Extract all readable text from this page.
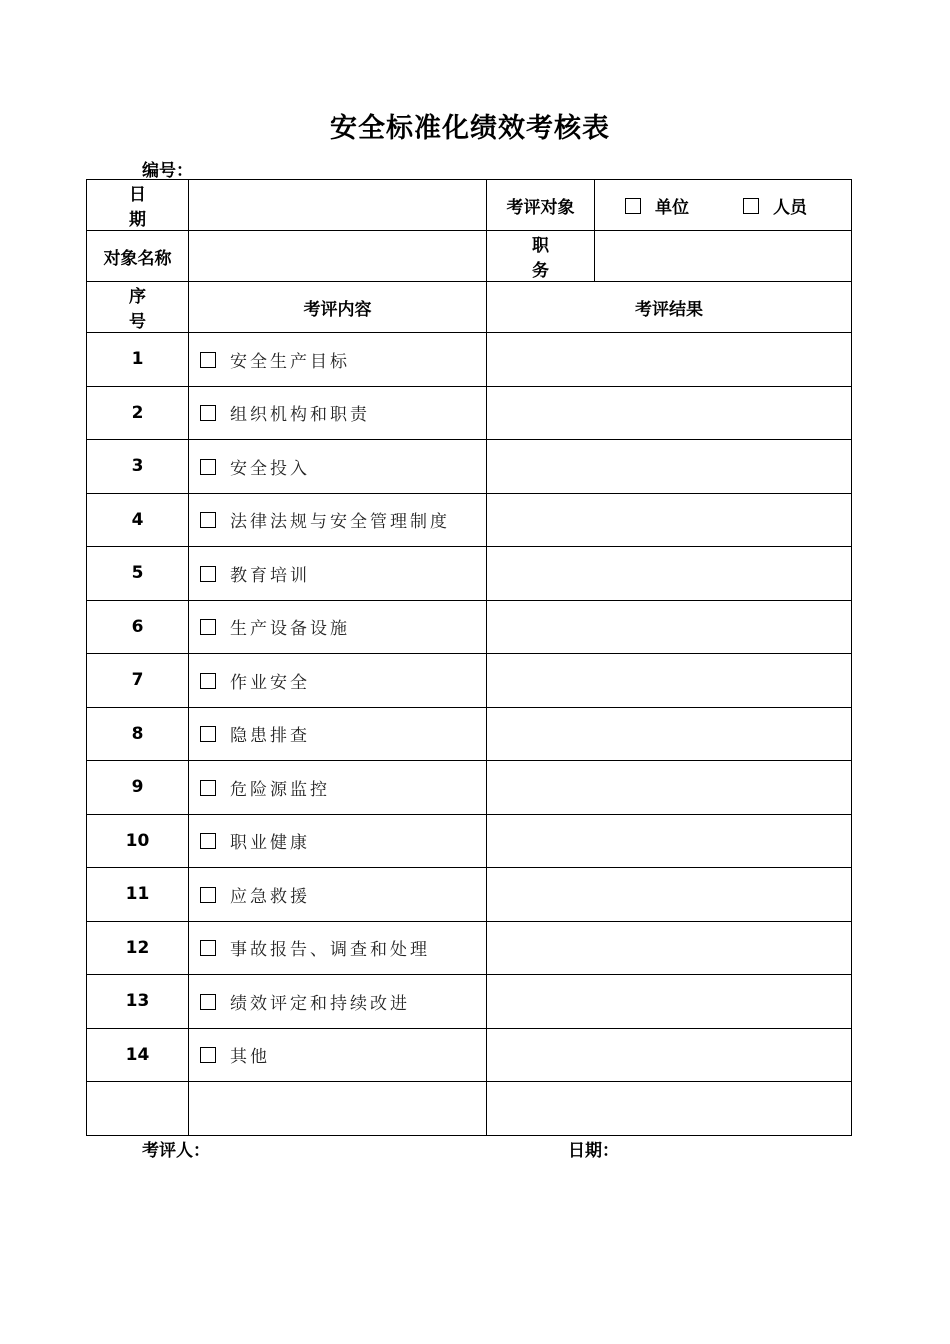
安全标准化绩效考核表
编号：
日 期		考评对象	单位 人员
对象名称		职 务	
序 号	考评内容	考评结果	
1	安全生产目标		
2	组织机构和职责		
3	安全投入		
4	法律法规与安全管理制度		
5	教育培训		
6	生产设备设施		
7	作业安全		
8	隐患排查		
9	危险源监控		
10	职业健康		
11	应急救援		
12	事故报告、调查和处理		
13	绩效评定和持续改进		
14	其他		

考评人：	日期：
